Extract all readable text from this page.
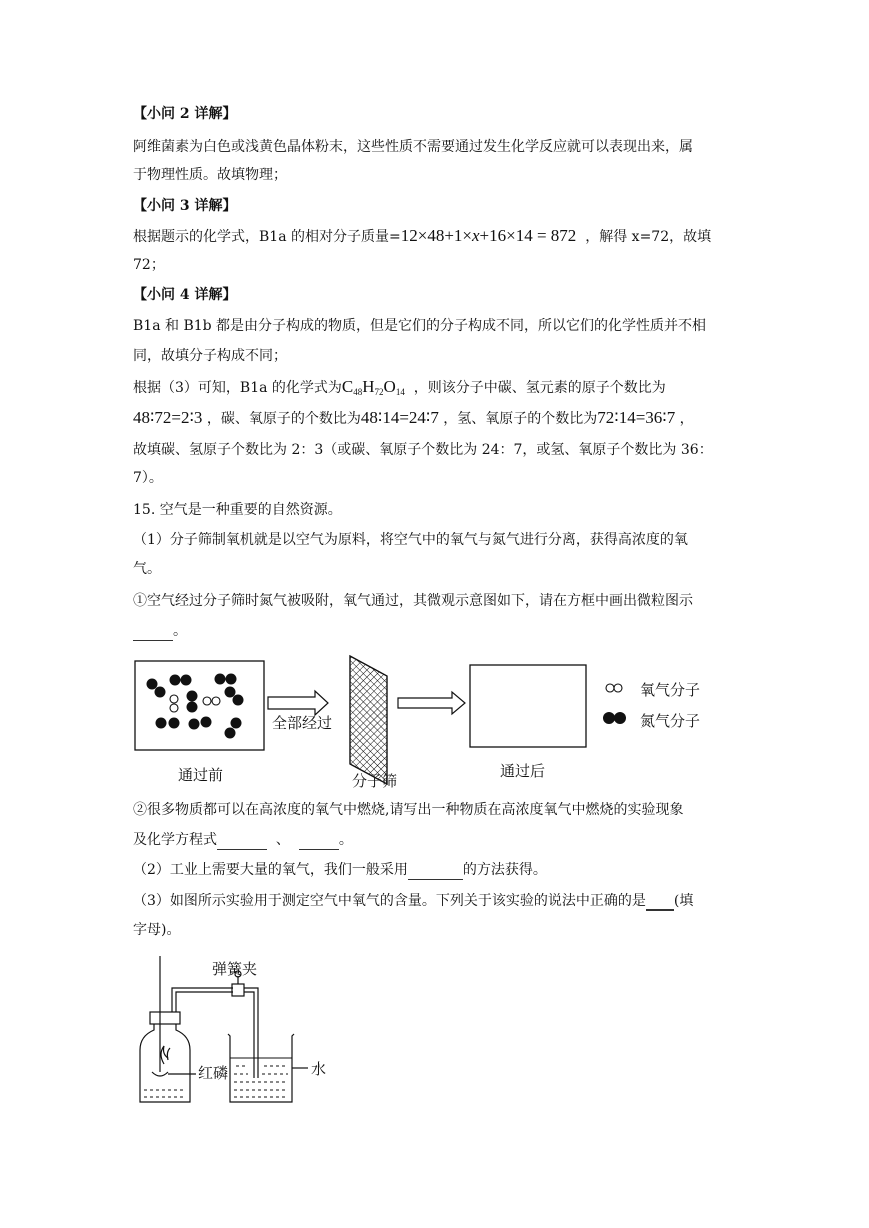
【小问 2 详解】
阿维菌素为白色或浅黄色晶体粉末，这些性质不需要通过发生化学反应就可以表现出来，属
于物理性质。故填物理；
【小问 3 详解】
根据题示的化学式，B1a 的相对分子质量=12×48+1×x+16×14 = 872 ，解得 x=72，故填
72；
【小问 4 详解】
B1a 和 B1b 都是由分子构成的物质，但是它们的分子构成不同，所以它们的化学性质并不相
同，故填分子构成不同；
根据（3）可知，B1a 的化学式为$C_{48}H_{72}O_{14}$ ，则该分子中碳、氢元素的原子个数比为
48∶72=2∶3 ，碳、氧原子的个数比为48∶14=24∶7 ，氢、氧原子的个数比为72∶14=36∶7 ，
故填碳、氢原子个数比为 2：3（或碳、氧原子个数比为 24：7，或氢、氧原子个数比为 36：
7）。
15. 空气是一种重要的自然资源。
（1）分子筛制氧机就是以空气为原料，将空气中的氧气与氮气进行分离，获得高浓度的氧
气。
①空气经过分子筛时氮气被吸附，氧气通过，其微观示意图如下，请在方框中画出微粒图示
。
全部经过
通过前	分子筛
通过后
氧气分子
氮气分子
②很多物质都可以在高浓度的氧气中燃烧,请写出一种物质在高浓度氧气中燃烧的实验现象
及化学方程式	、	。
（2）工业上需要大量的氧气，我们一般采用	的方法获得。
（3）如图所示实验用于测定空气中氧气的含量。下列关于该实验的说法中正确的是 (填
字母)。
弹簧夹
红磷	水
